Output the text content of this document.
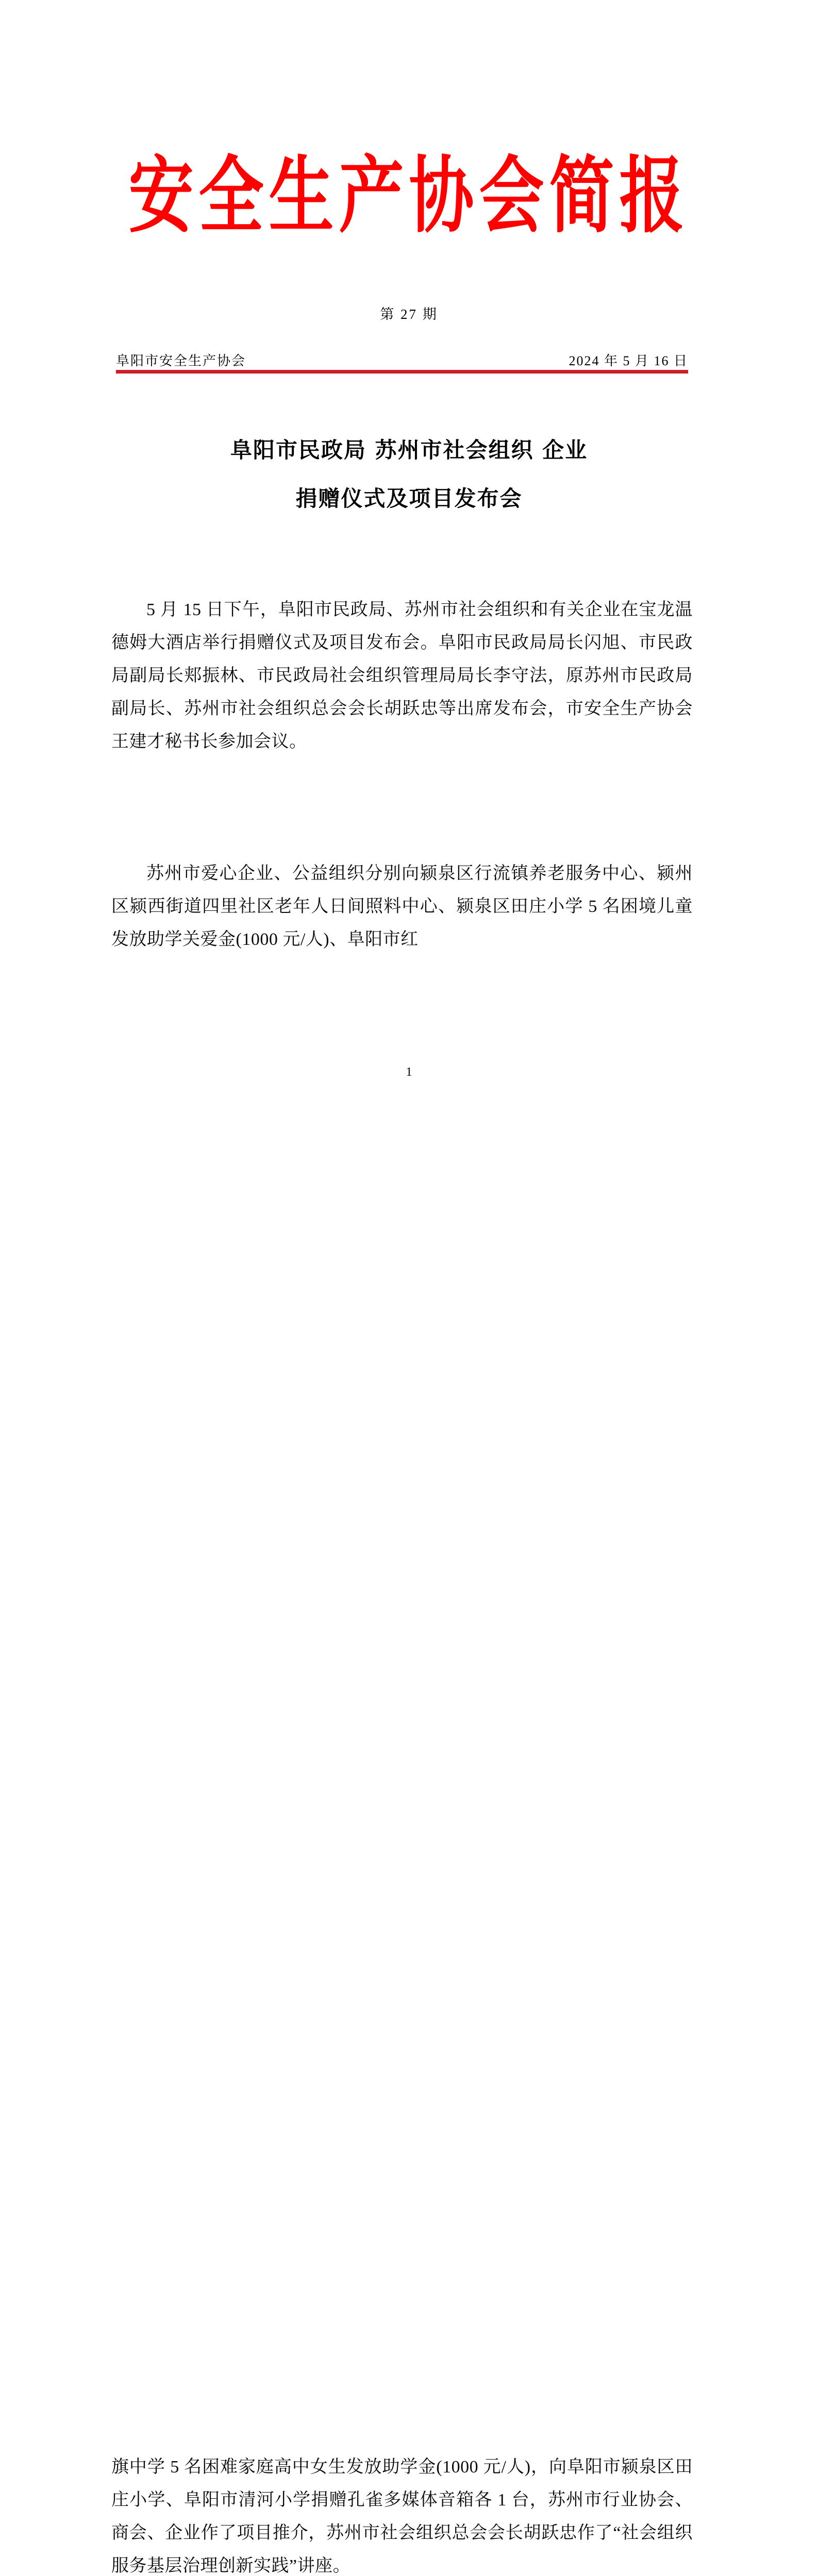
安全生产协会简报
第 27 期
阜阳市安全生产协会	2024 年 5 月 16 日
阜阳市民政局 苏州市社会组织 企业
捐赠仪式及项目发布会

5 月 15 日下午，阜阳市民政局、苏州市社会组织和有关企业在宝龙温德姆大酒店举行捐赠仪式及项目发布会。阜阳市民政局局长闪旭、市民政局副局长郏振林、市民政局社会组织管理局局长李守法，原苏州市民政局副局长、苏州市社会组织总会会长胡跃忠等出席发布会，市安全生产协会王建才秘书长参加会议。

苏州市爱心企业、公益组织分别向颍泉区行流镇养老服务中心、颍州区颍西街道四里社区老年人日间照料中心、颍泉区田庄小学 5 名困境儿童发放助学关爱金(1000 元/人)、阜阳市红

1

旗中学 5 名困难家庭高中女生发放助学金(1000 元/人)，向阜阳市颍泉区田庄小学、阜阳市清河小学捐赠孔雀多媒体音箱各 1 台，苏州市行业协会、商会、企业作了项目推介，苏州市社会组织总会会长胡跃忠作了“社会组织服务基层治理创新实践”讲座。
